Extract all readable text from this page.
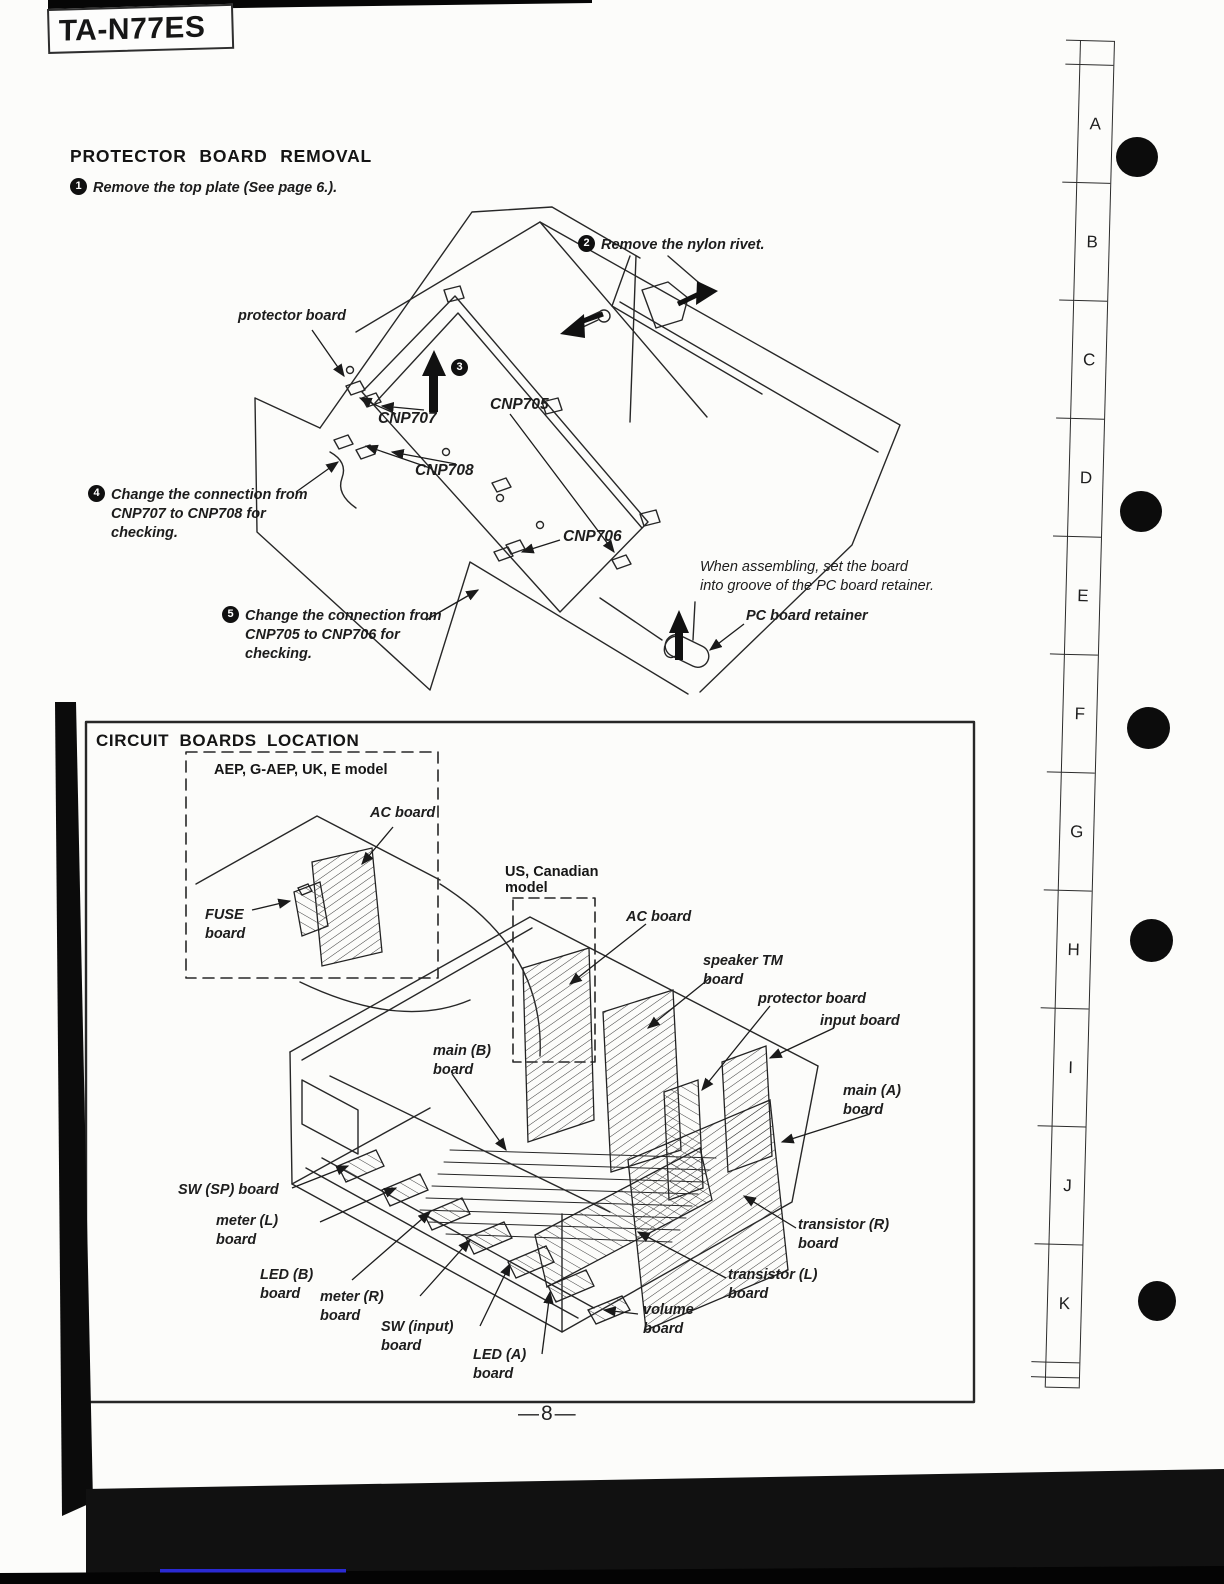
TA-N77ES
PROTECTOR BOARD REMOVAL
1 Remove the top plate (See page 6.).
2 Remove the nylon rivet.
3
4 Change the connection from
CNP707 to CNP708 for
checking.
5 Change the connection from
CNP705 to CNP706 for
checking.
protector board
CNP707
CNP705
CNP708
CNP706
When assembling, set the board
into groove of the PC board retainer.
PC board retainer
CIRCUIT BOARDS LOCATION
AEP, G-AEP, UK, E model
US, Canadian
model
AC board
FUSE
board
AC board
speaker TM
board
protector board
input board
main (B)
board
main (A)
board
SW (SP) board
meter (L)
board
LED (B)
board	meter (R)
board
SW (input)
board
LED (A)
board
volume
board
transistor (R)
board
transistor (L)
board
—8—
A
B
C
D
E
F
G
H
I
J
K
